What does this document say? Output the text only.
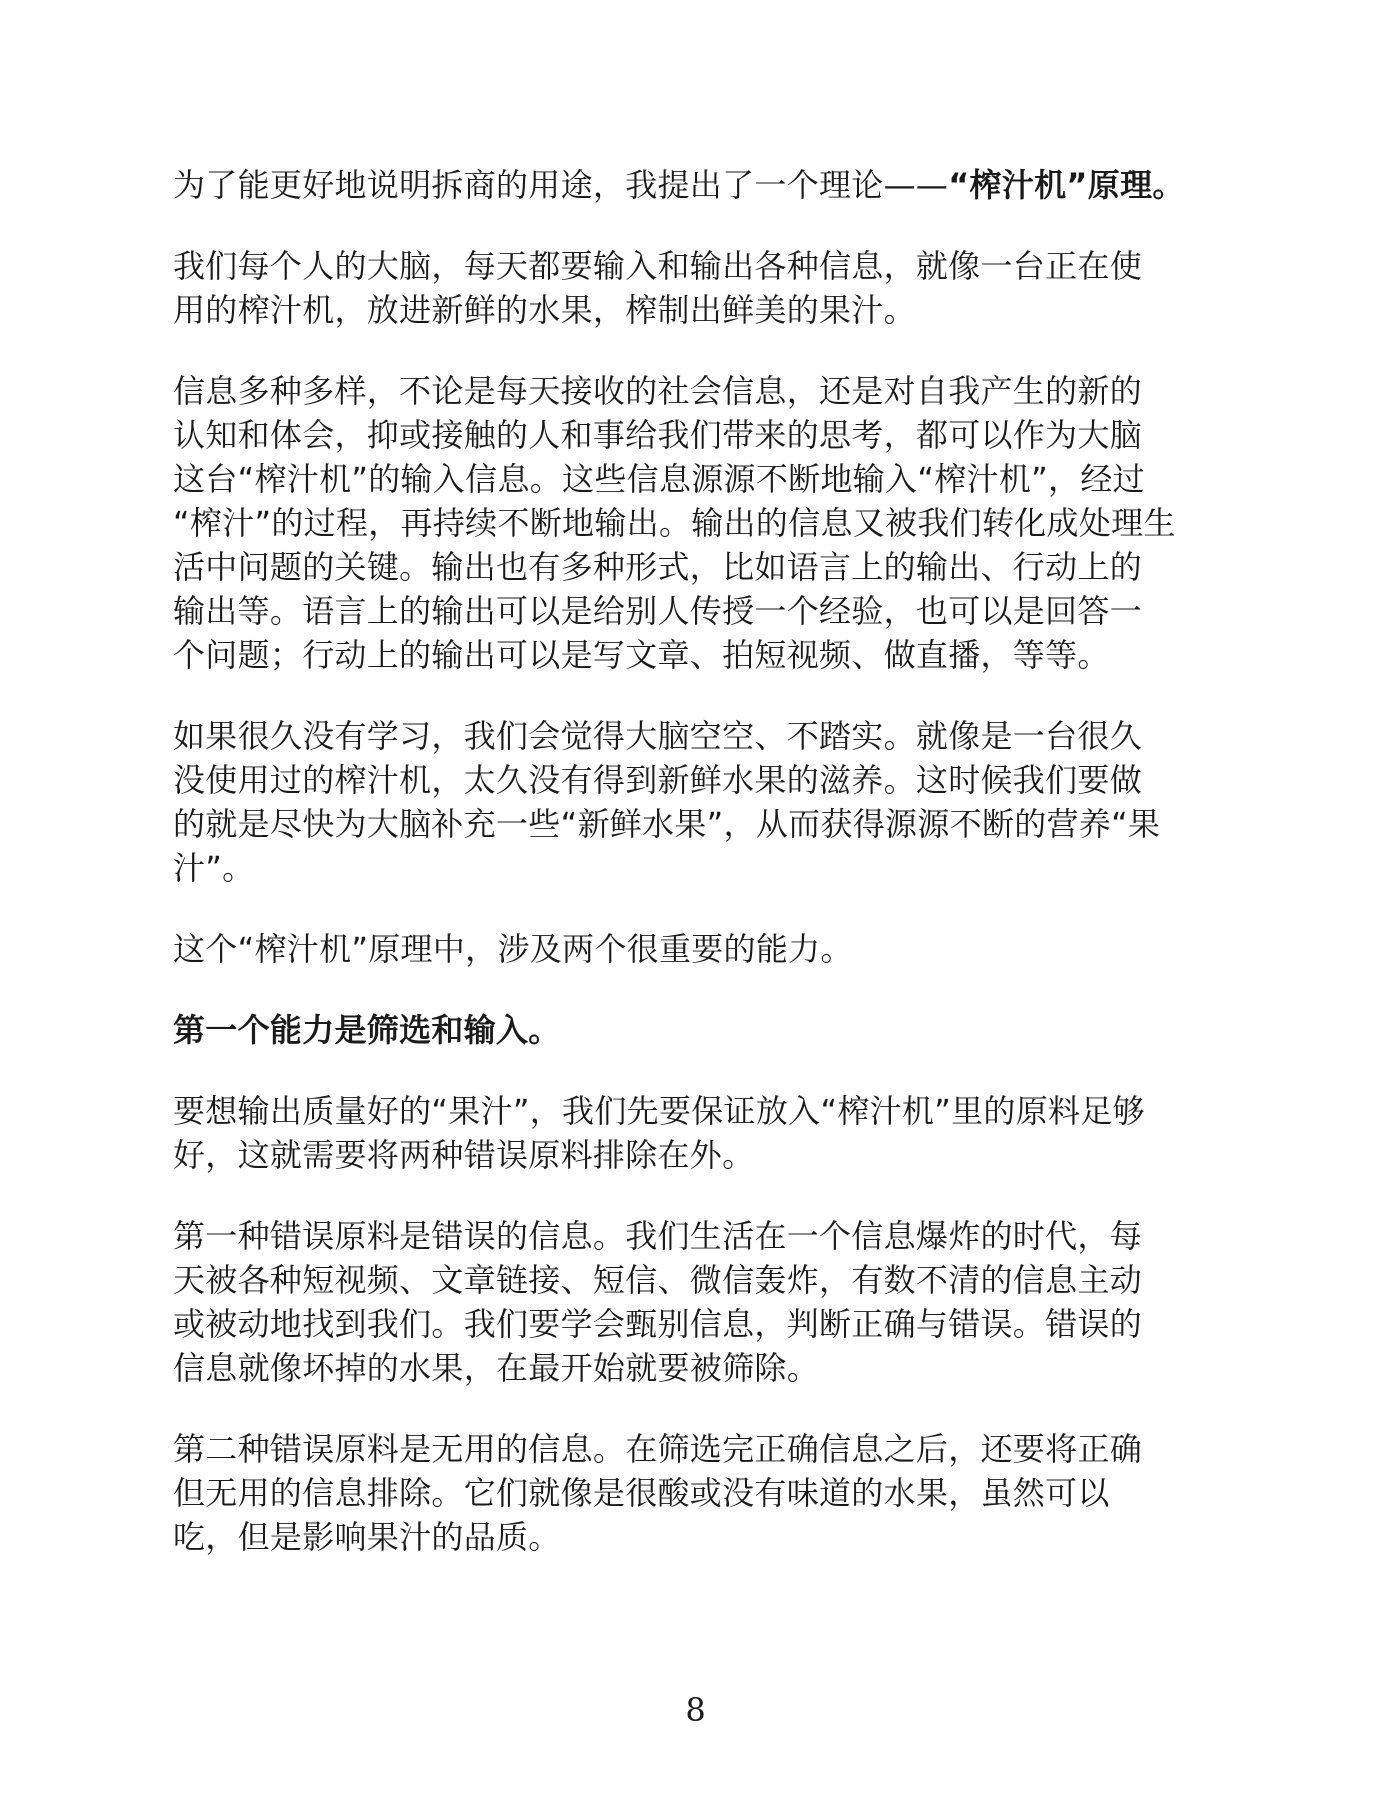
为了能更好地说明拆商的用途，我提出了一个理论——“榨汁机”原理。

我们每个人的大脑，每天都要输入和输出各种信息，就像一台正在使
用的榨汁机，放进新鲜的水果，榨制出鲜美的果汁。

信息多种多样，不论是每天接收的社会信息，还是对自我产生的新的
认知和体会，抑或接触的人和事给我们带来的思考，都可以作为大脑
这台“榨汁机”的输入信息。这些信息源源不断地输入“榨汁机”，经过
“榨汁”的过程，再持续不断地输出。输出的信息又被我们转化成处理生
活中问题的关键。输出也有多种形式，比如语言上的输出、行动上的
输出等。语言上的输出可以是给别人传授一个经验，也可以是回答一
个问题；行动上的输出可以是写文章、拍短视频、做直播，等等。

如果很久没有学习，我们会觉得大脑空空、不踏实。就像是一台很久
没使用过的榨汁机，太久没有得到新鲜水果的滋养。这时候我们要做
的就是尽快为大脑补充一些“新鲜水果”，从而获得源源不断的营养“果
汁”。

这个“榨汁机”原理中，涉及两个很重要的能力。

第一个能力是筛选和输入。

要想输出质量好的“果汁”，我们先要保证放入“榨汁机”里的原料足够
好，这就需要将两种错误原料排除在外。

第一种错误原料是错误的信息。我们生活在一个信息爆炸的时代，每
天被各种短视频、文章链接、短信、微信轰炸，有数不清的信息主动
或被动地找到我们。我们要学会甄别信息，判断正确与错误。错误的
信息就像坏掉的水果，在最开始就要被筛除。

第二种错误原料是无用的信息。在筛选完正确信息之后，还要将正确
但无用的信息排除。它们就像是很酸或没有味道的水果，虽然可以
吃，但是影响果汁的品质。

8
